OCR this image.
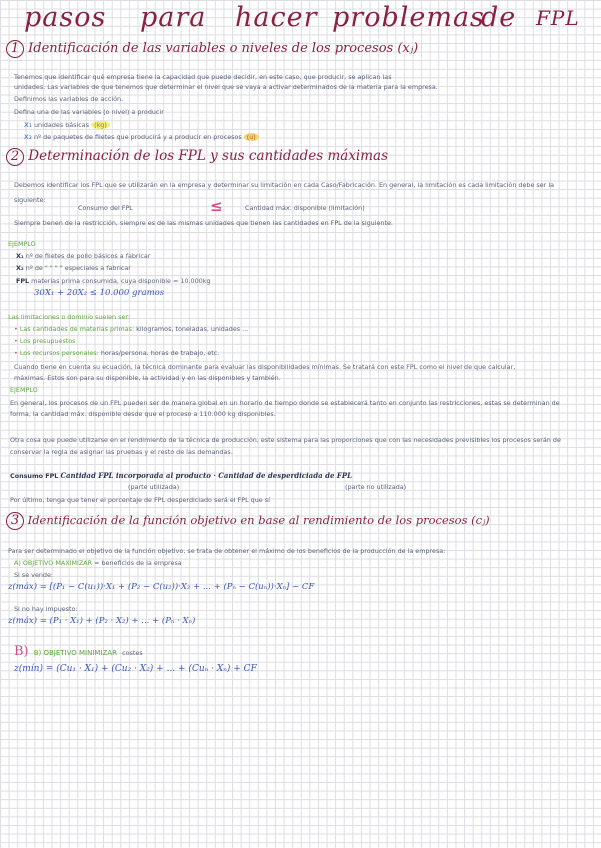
pasos para hacer problemas
de FPL
1 Identificación de las variables o niveles de los procesos (xⱼ)
Tenemos que identificar qué empresa tiene la capacidad que puede decidir, en este caso, que producir, se aplican las
unidades. Las variables de que tenemos que determinar el nivel que se vaya a activar determinados de la materia para la empresa.
Definimos las variables de acción.
Defina una de las variables (o nivel) a producir
x₁ unidades básicas (kg)
x₂ nº de paquetes de filetes que producirá y a producir en procesos (u)
2 Determinación de los FPL y sus cantidades máximas
Debemos identificar los FPL que se utilizarán en la empresa y determinar su limitación en cada Caso/Fabricación. En general, la limitación es cada limitación debe ser la
siguiente:
Consumo del FPL	≤	Cantidad máx. disponible (limitación)
Siempre tienen de la restricción, siempre es de las mismas unidades que tienen las cantidades en FPL de la siguiente.
EJEMPLO
X₁ nº de filetes de pollo básicos a fabricar
X₂ nº de " " " " especiales a fabricar
FPL materias prima consumida, cuya disponible = 10.000kg
30X₁ + 20X₂ ≤ 10.000 gramos
Las limitaciones o dominio suelen ser:
• Las cantidades de materias primas: kilogramos, toneladas, unidades ...
• Los presupuestos
• Los recursos personales: horas/persona, horas de trabajo, etc.
Cuando tiene en cuenta su ecuación, la técnica dominante para evaluar las disponibilidades mínimas. Se tratará con este FPL como el nivel de que calcular,
máximas. Estos son para su disponible, la actividad y en las disponibles y también.
EJEMPLO
En general, los procesos de un FPL pueden ser de manera global en un horario de tiempo donde se establecerá tanto en conjunto las restricciones, estas se determinan de
forma, la cantidad máx. disponible desde que el proceso a 110.000 kg disponibles.
Otra cosa que puede utilizarse en el rendimiento de la técnica de producción, este sistema para las proporciones que con las necesidades previsibles los procesos serán de
conservar la regla de asignar las pruebas y el resto de las demandas.
Consumo FPL Cantidad FPL incorporada al producto · Cantidad de desperdiciada de FPL
(parte utilizada)	(parte no utilizada)
Por último, tenga que tener el porcentaje de FPL desperdiciado será el FPL que sí
3 Identificación de la función objetivo en base al rendimiento de los procesos (cⱼ)
Para ser determinado el objetivo de la función objetivo, se trata de obtener el máximo de los beneficios de la producción de la empresa:
A) OBJETIVO MAXIMIZAR = beneficios de la empresa
Si se vende:
z(máx) = [(P₁ − C(u₁))·X₁ + (P₂ − C(u₂))·X₂ + ... + (Pₙ − C(uₙ))·Xₙ] − CF
Si no hay impuesto:
z(máx) = (P₁ · X₁) + (P₂ · X₂) + ... + (Pₙ · Xₙ)
B) B) OBJETIVO MINIMIZAR costes
z(mín) = (Cu₁ · X₁) + (Cu₂ · X₂) + ... + (Cuₙ · Xₙ) + CF
